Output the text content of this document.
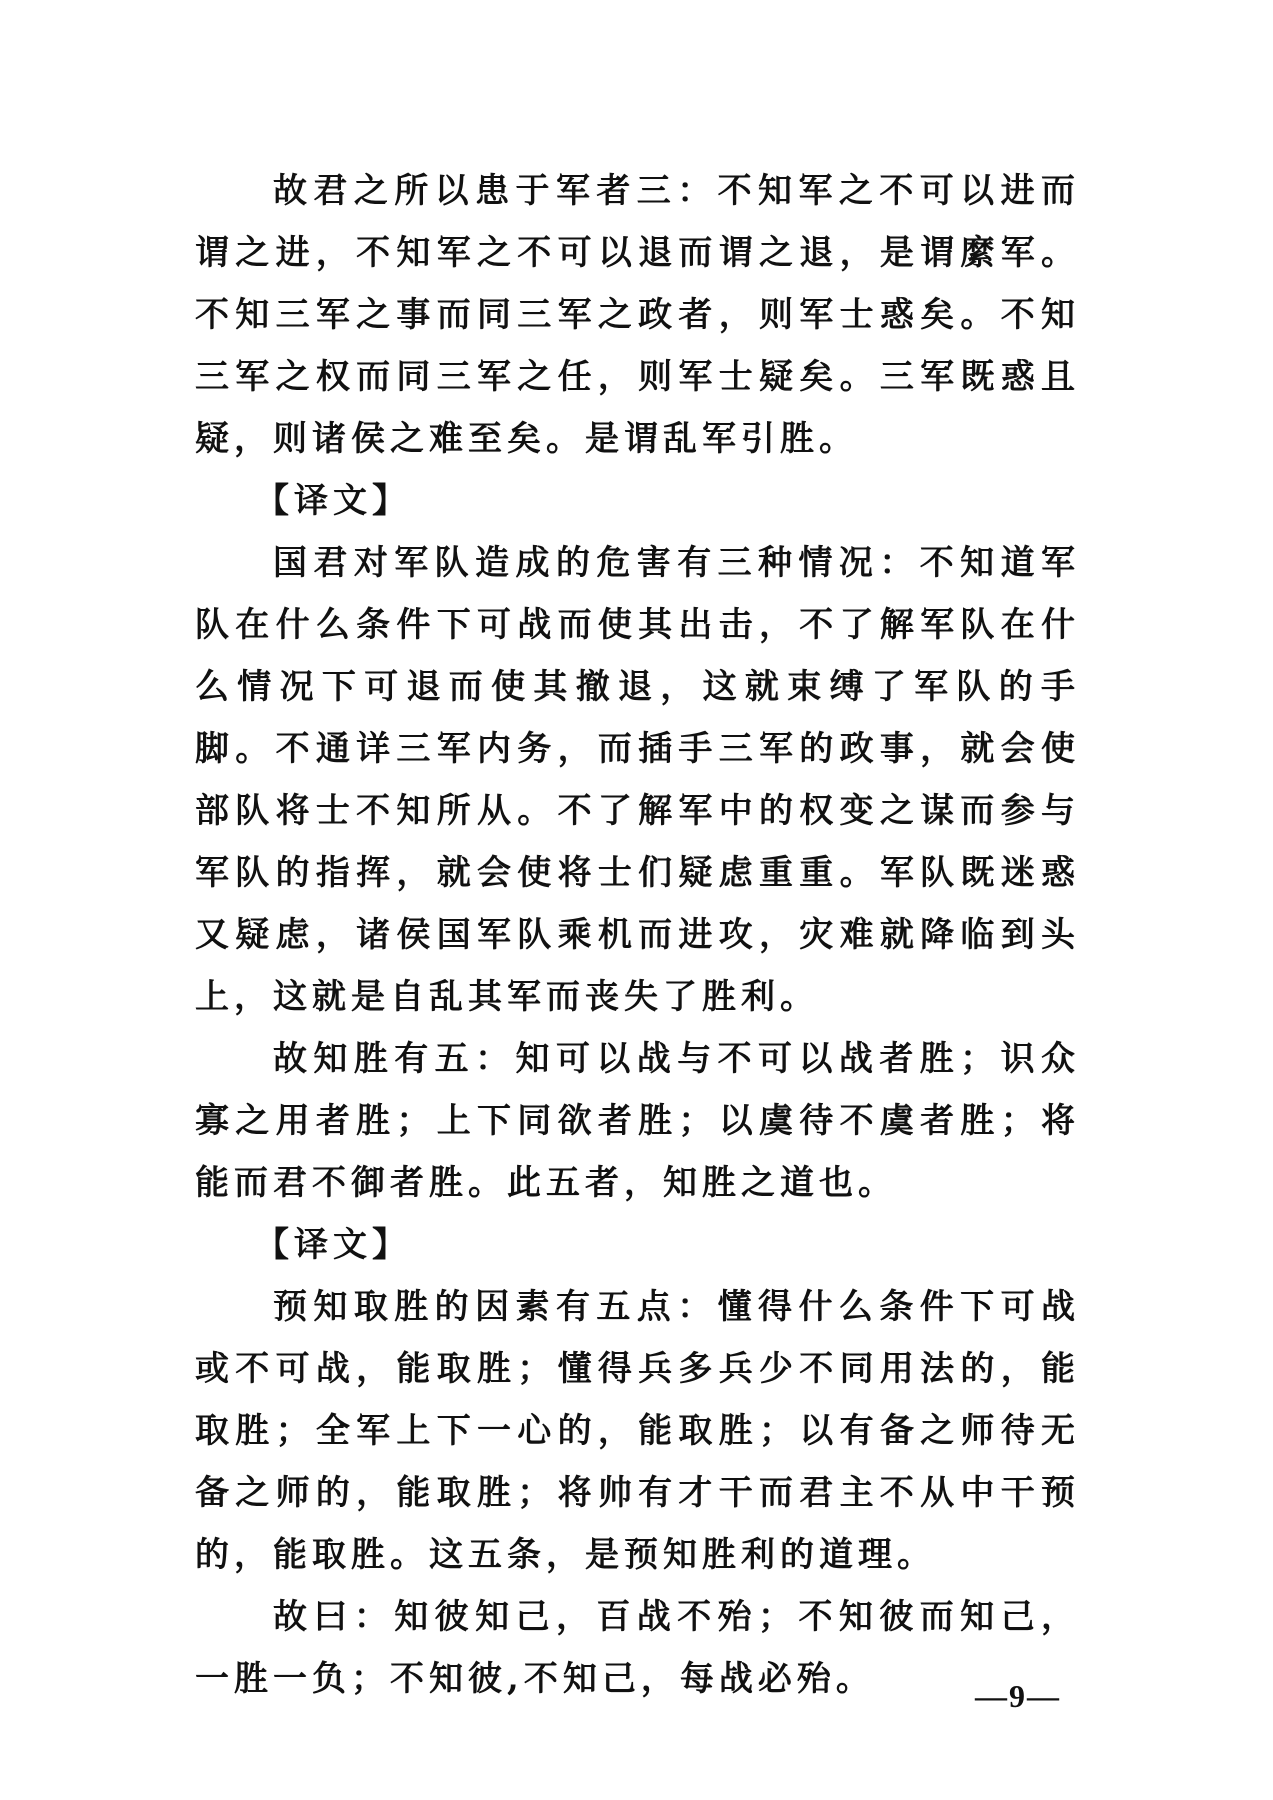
故君之所以患于军者三：不知军之不可以进而谓之进，不知军之不可以退而谓之退，是谓縻军。不知三军之事而同三军之政者，则军士惑矣。不知三军之权而同三军之任，则军士疑矣。三军既惑且疑，则诸侯之难至矣。是谓乱军引胜。

【译文】

国君对军队造成的危害有三种情况：不知道军队在什么条件下可战而使其出击，不了解军队在什么情况下可退而使其撤退，这就束缚了军队的手脚。不通详三军内务，而插手三军的政事，就会使部队将士不知所从。不了解军中的权变之谋而参与军队的指挥，就会使将士们疑虑重重。军队既迷惑又疑虑，诸侯国军队乘机而进攻，灾难就降临到头上，这就是自乱其军而丧失了胜利。

故知胜有五：知可以战与不可以战者胜；识众寡之用者胜；上下同欲者胜；以虞待不虞者胜；将能而君不御者胜。此五者，知胜之道也。

【译文】

预知取胜的因素有五点：懂得什么条件下可战或不可战，能取胜；懂得兵多兵少不同用法的，能取胜；全军上下一心的，能取胜；以有备之师待无备之师的，能取胜；将帅有才干而君主不从中干预的，能取胜。这五条，是预知胜利的道理。

故曰：知彼知己，百战不殆；不知彼而知己，一胜一负；不知彼,不知己，每战必殆。	—9—
